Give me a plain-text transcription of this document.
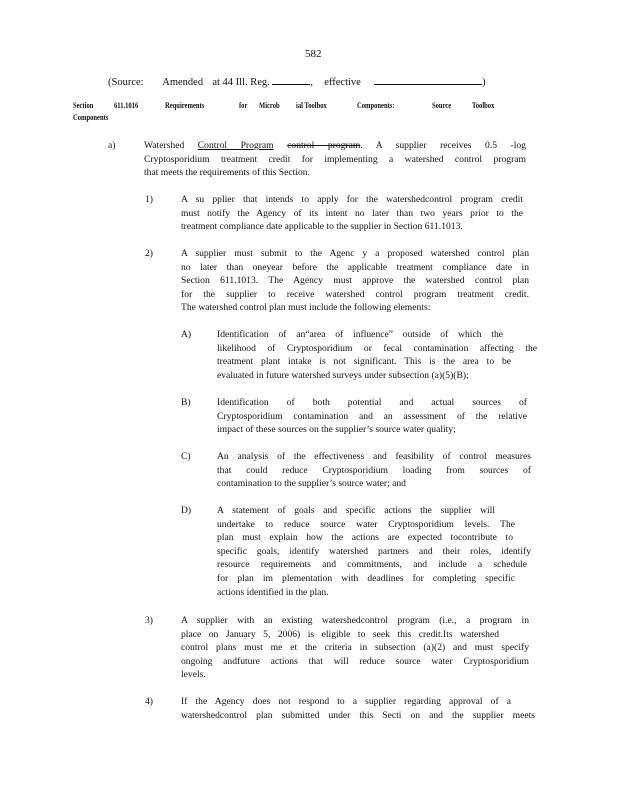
582
(Source: Amended at 44 Ill. Reg.	, effective	)
Section	611.1016	Requirements	for Microb ial Toolbox	Components:	Source	Toolbox
Components
a)	Watershed Control Program control program. A supplier receives 0.5 -log
Cryptosporidium treatment credit for implementing a watershed control program
that meets the requirements of this Section.
1)	A su pplier that intends to apply for the watershedcontrol program credit
must notify the Agency of its intent no later than two years prior to the
treatment compliance date applicable to the supplier in Section 611.1013.
2)	A supplier must submit to the Agenc y a proposed watershed control plan
no later than oneyear before the applicable treatment compliance date in
Section 611.1013. The Agency must approve the watershed control plan
for the supplier to receive watershed control program treatment credit.
The watershed control plan must include the following elements:
A)	Identification of an“area of influence” outside of which the
likelihood of Cryptosporidium or fecal contamination affecting the
treatment plant intake is not significant. This is the area to be
evaluated in future watershed surveys under subsection (a)(5)(B);
B)	Identification of both potential and actual sources of
Cryptosporidium contamination and an assessment of the relative
impact of these sources on the supplier’s source water quality;
C)	An analysis of the effectiveness and feasibility of control measures
that could reduce Cryptosporidium loading from sources of
contamination to the supplier’s source water; and
D)	A statement of goals and specific actions the supplier will
undertake to reduce source water Cryptosporidium levels. The
plan must explain how the actions are expected tocontribute to
specific goals, identify watershed partners and their roles, identify
resource requirements and commitments, and include a schedule
for plan im plementation with deadlines for completing specific
actions identified in the plan.
3)	A supplier with an existing watershedcontrol program (i.e., a program in
place on January 5, 2006) is eligible to seek this credit.Its watershed
control plans must me et the criteria in subsection (a)(2) and must specify
ongoing andfuture actions that will reduce source water Cryptosporidium
levels.
4)	If the Agency does not respond to a supplier regarding approval of a
watershedcontrol plan submitted under this Secti on and the supplier meets
